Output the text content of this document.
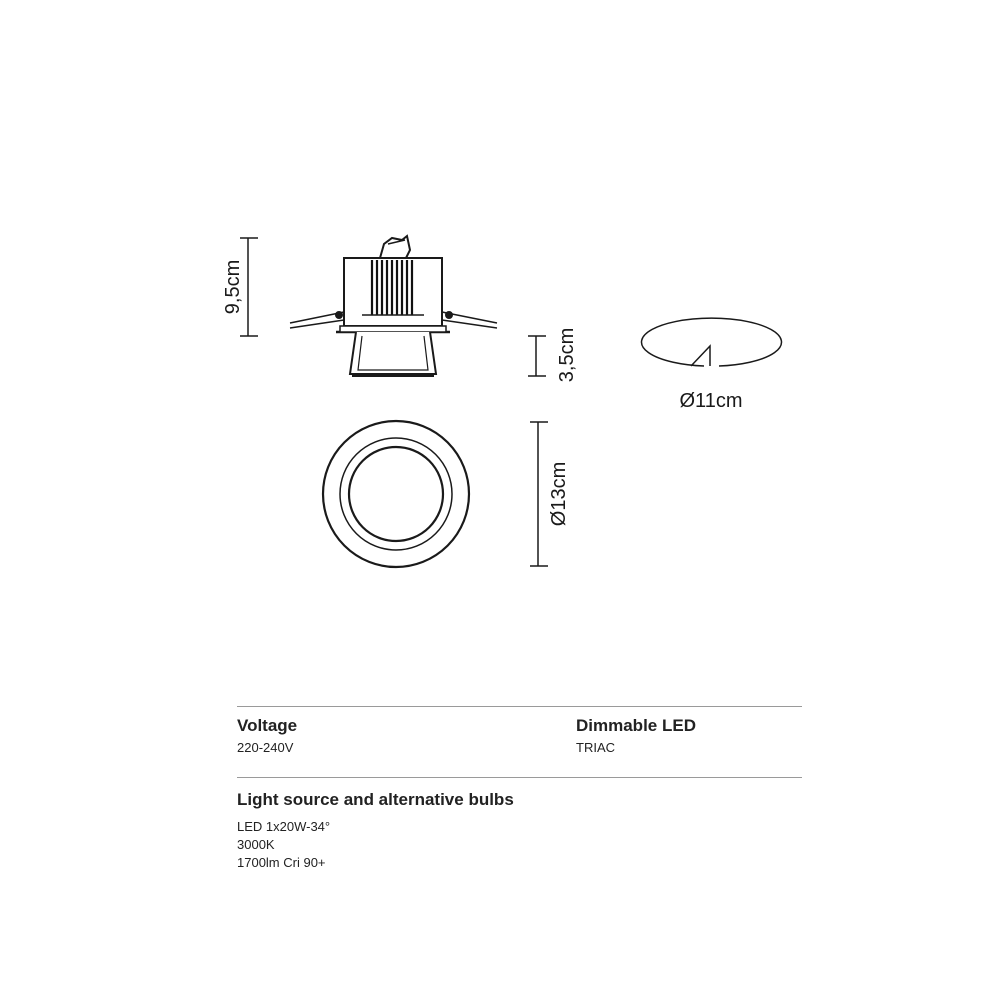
9,5cm
3,5cm
Ø11cm
Ø13cm
Voltage
220-240V
Dimmable LED
TRIAC
Light source and alternative bulbs
LED 1x20W-34°
3000K
1700lm Cri 90+
